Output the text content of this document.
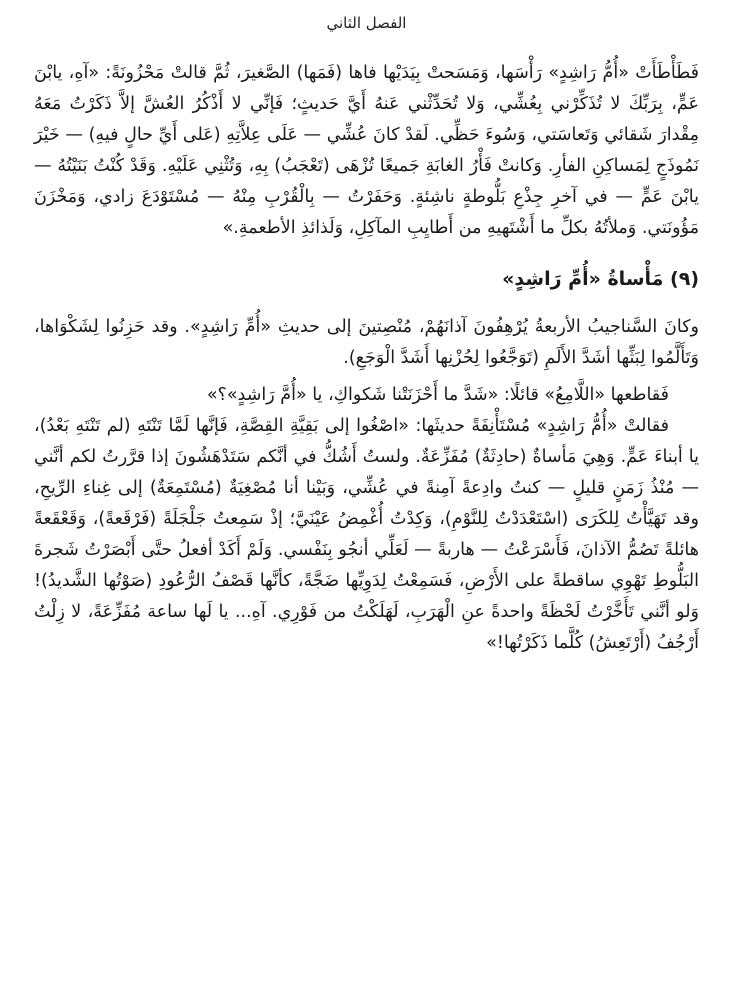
الفصل الثاني

فَطَأْطَأَتْ «أُمُّ رَاشِدٍ» رَأْسَها، وَمَسَحتْ بِيَدَيْها فاها (فَمَها) الصَّغيرَ، ثُمَّ قالتْ مَحْزُونَةً: «آهِ، يابْنَ عَمٍّ، بِرَبِّكَ لا تُذَكِّرْني بِعُشِّي، وَلا تُحَدِّثْني عَنهُ أَيَّ حَديثٍ؛ فَإنِّي لا أَذْكُرُ العُشَّ إلاَّ ذَكَرْتُ مَعَهُ مِقْدارَ شَقائي وَتَعاسَتي، وَسُوءَ حَظِّي. لَقدْ كانَ عُشِّي — عَلَى عِلاَّتِهِ (عَلى أَيِّ حالٍ فيهِ) — خَيْرَ نَمُوذَجٍ لِمَساكِنِ الفأرِ. وَكانتْ فَأْرُ الغابَةِ جَميعًا تُزْهَى (تَعْجَبُ) بِهِ، وَتُثْنِي عَلَيْهِ. وَقَدْ كُنْتُ بَنَيْتُهُ — يابْنَ عَمٍّ — في آخرِ جِذْعِ بَلُّوطةٍ ناشِئةٍ. وَحَفَرْتُ — بِالْقُرْبِ مِنْهُ — مُسْتَوْدَعَ زادي، وَمَخْزَنَ مَؤُونَتي. وَملأتُهُ بكلِّ ما أَشْتَهيهِ من أَطايِبِ المآكِلِ، وَلَذائذِ الأطعمةِ.»

(٩) مَأْساةُ «أُمِّ رَاشِدٍ»

وكانَ السَّناجيبُ الأربعةُ يُرْهِفُونَ آذانَهُمْ، مُنْصِتينَ إلى حديثِ «أُمِّ رَاشِدٍ». وقد حَزِنُوا لِشَكْوَاها، وَتَأَلَّمُوا لِبَثِّها أشَدَّ الأَلَمِ (تَوَجَّعُوا لِحُزْنِها أَشَدَّ الْوَجَعِ).

فَقاطعها «اللَّامِعُ» قائلًا: «شَدَّ ما أَحْزَنَتْنا شَكواكِ، يا «أُمَّ رَاشِدٍ»؟»

فقالتْ «أُمُّ رَاشِدٍ» مُسْتَأْنِفَةً حديثَها: «اصْغُوا إلى بَقِيَّةِ القِصَّةِ، فَإنَّها لَمَّا تَنْتَهِ (لم تَنْتَهِ بَعْدُ)، يا أبناءَ عَمٍّ. وَهِيَ مَأساةٌ (حادِثَةٌ) مُفَزِّعَةٌ. ولستُ أَشُكُّ في أنَّكم سَتَدْهَشُونَ إذا قرَّرتُ لكم أنَّني — مُنْذُ زَمَنٍ قليلٍ — كنتُ وادِعةً آمِنةً في عُشِّي، وَبَيْنا أنا مُصْغِيَةٌ (مُسْتَمِعَةٌ) إلى غِناءِ الرِّيحِ، وقد تَهَيَّأْتُ لِلكَرَى (اسْتَعْدَدْتُ لِلنَّوْمِ)، وَكِدْتُ أُغْمِضُ عَيْنَيَّ؛ إذْ سَمِعتُ جَلْجَلَةً (فَرْقَعةً)، وَقَعْقَعةً هائلةً تَصُمُّ الآذانَ، فَأَسْرَعْتُ — هاربةً — لَعَلِّي أنجُو بِنَفْسي. وَلَمْ أَكَدْ أفعلُ حتَّى أَبْصَرْتُ شَجرةَ البَلُّوطِ تَهْوِي ساقطةً على الأَرْضِ، فَسَمِعْتُ لِدَوِيِّها ضَجَّةً، كأنَّها قَصْفُ الرُّعُودِ (صَوْتُها الشَّديدُ)! وَلو أنَّني تَأَخَّرْتُ لَحْظَةً واحدةً عنِ الْهَرَبِ، لَهَلَكْتُ من فَوْرِي. آهِ... يا لَها ساعة مُفَزِّعَةً، لا زِلْتُ أَرْجُفُ (أَرْتَعِشُ) كُلَّما ذَكَرْتُها!»
